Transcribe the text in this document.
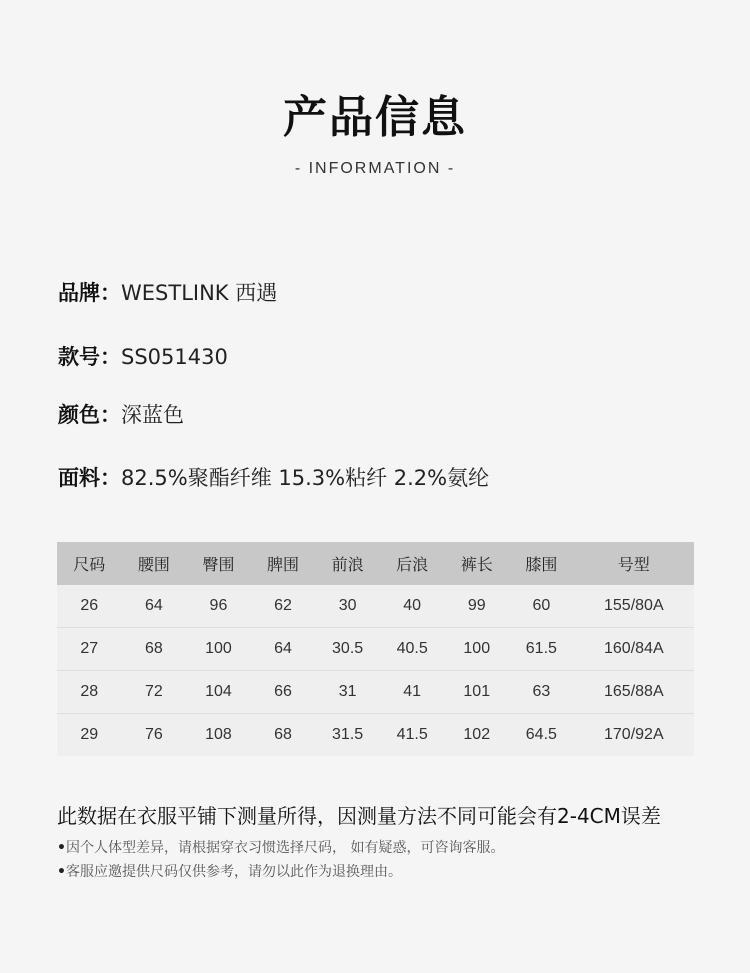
产品信息
- INFORMATION -
品牌：WESTLINK 西遇
款号：SS051430
颜色：深蓝色
面料：82.5%聚酯纤维 15.3%粘纤 2.2%氨纶
尺码	腰围	臀围	脾围	前浪	后浪	裤长	膝围	号型
26	64	96	62	30	40	99	60	155/80A
27	68	100	64	30.5	40.5	100	61.5	160/84A
28	72	104	66	31	41	101	63	165/88A
29	76	108	68	31.5	41.5	102	64.5	170/92A
此数据在衣服平铺下测量所得，因测量方法不同可能会有2-4CM误差
•因个人体型差异，请根据穿衣习惯选择尺码， 如有疑惑，可咨询客服。
•客服应邀提供尺码仅供参考，请勿以此作为退换理由。
